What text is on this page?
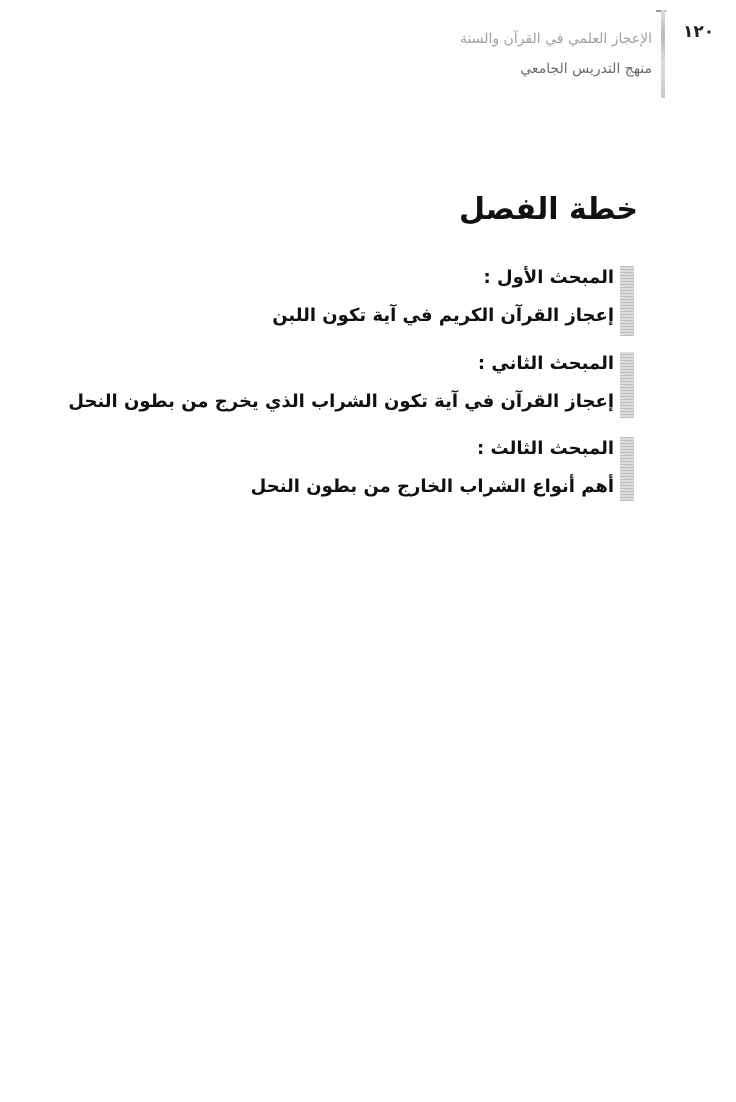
١٢٠
الإعجاز العلمي في القرآن والسنة
منهج التدريس الجامعي
خطة الفصل
المبحث الأول :
إعجاز القرآن الكريم في آية تكون اللبن
المبحث الثاني :
إعجاز القرآن في آية تكون الشراب الذي يخرج من بطون النحل
المبحث الثالث :
أهم أنواع الشراب الخارج من بطون النحل
